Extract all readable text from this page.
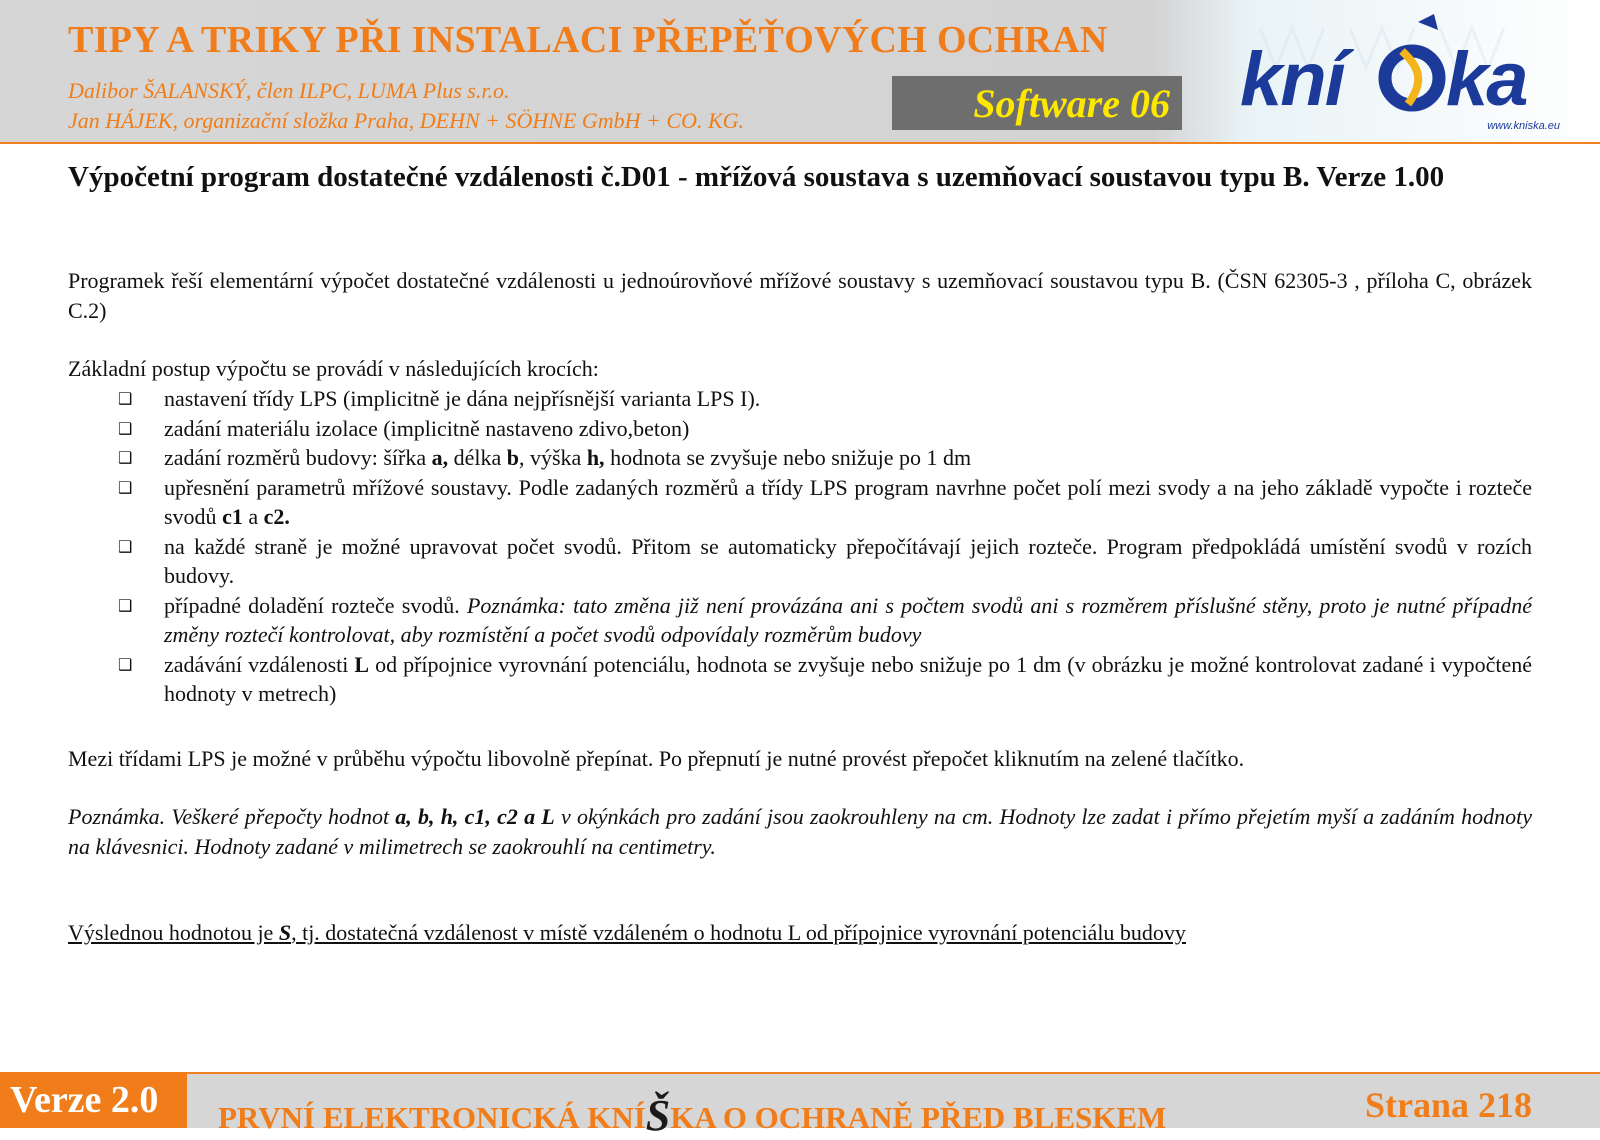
TIPY A TRIKY PŘI INSTALACI PŘEPĚŤOVÝCH OCHRAN
Dalibor ŠALANSKÝ, člen ILPC, LUMA Plus s.r.o.
Jan HÁJEK, organizační složka Praha, DEHN + SÖHNE GmbH + CO. KG.	Software 06 kní ka
www.kniska.eu
Výpočetní program dostatečné vzdálenosti č.D01 - mřížová soustava s uzemňovací soustavou typu B. Verze 1.00

Programek řeší elementární výpočet dostatečné vzdálenosti u jednoúrovňové mřížové soustavy s uzemňovací soustavou typu B. (ČSN 62305-3 , příloha C, obrázek C.2)

Základní postup výpočtu se provádí v následujících krocích:

❑ nastavení třídy LPS (implicitně je dána nejpřísnější varianta LPS I).
❑ zadání materiálu izolace (implicitně nastaveno zdivo,beton)
❑ zadání rozměrů budovy: šířka a, délka b, výška h, hodnota se zvyšuje nebo snižuje po 1 dm
❑ upřesnění parametrů mřížové soustavy. Podle zadaných rozměrů a třídy LPS program navrhne počet polí mezi svody a na jeho základě vypočte i rozteče svodů c1 a c2.
❑ na každé straně je možné upravovat počet svodů. Přitom se automaticky přepočítávají jejich rozteče. Program předpokládá umístění svodů v rozích budovy.
❑ případné doladění rozteče svodů. Poznámka: tato změna již není provázána ani s počtem svodů ani s rozměrem příslušné stěny, proto je nutné případné změny roztečí kontrolovat, aby rozmístění a počet svodů odpovídaly rozměrům budovy
❑ zadávání vzdálenosti L od přípojnice vyrovnání potenciálu, hodnota se zvyšuje nebo snižuje po 1 dm (v obrázku je možné kontrolovat zadané i vypočtené hodnoty v metrech)

Mezi třídami LPS je možné v průběhu výpočtu libovolně přepínat. Po přepnutí je nutné provést přepočet kliknutím na zelené tlačítko.

Poznámka. Veškeré přepočty hodnot a, b, h, c1, c2 a L v okýnkách pro zadání jsou zaokrouhleny na cm. Hodnoty lze zadat i přímo přejetím myší a zadáním hodnoty na klávesnici. Hodnoty zadané v milimetrech se zaokrouhlí na centimetry.

Výslednou hodnotou je S, tj. dostatečná vzdálenost v místě vzdáleném o hodnotu L od přípojnice vyrovnání potenciálu budovy

Verze 2.0 PRVNÍ ELEKTRONICKÁ KNÍŠKA O OCHRANĚ PŘED BLESKEM	Strana 218
